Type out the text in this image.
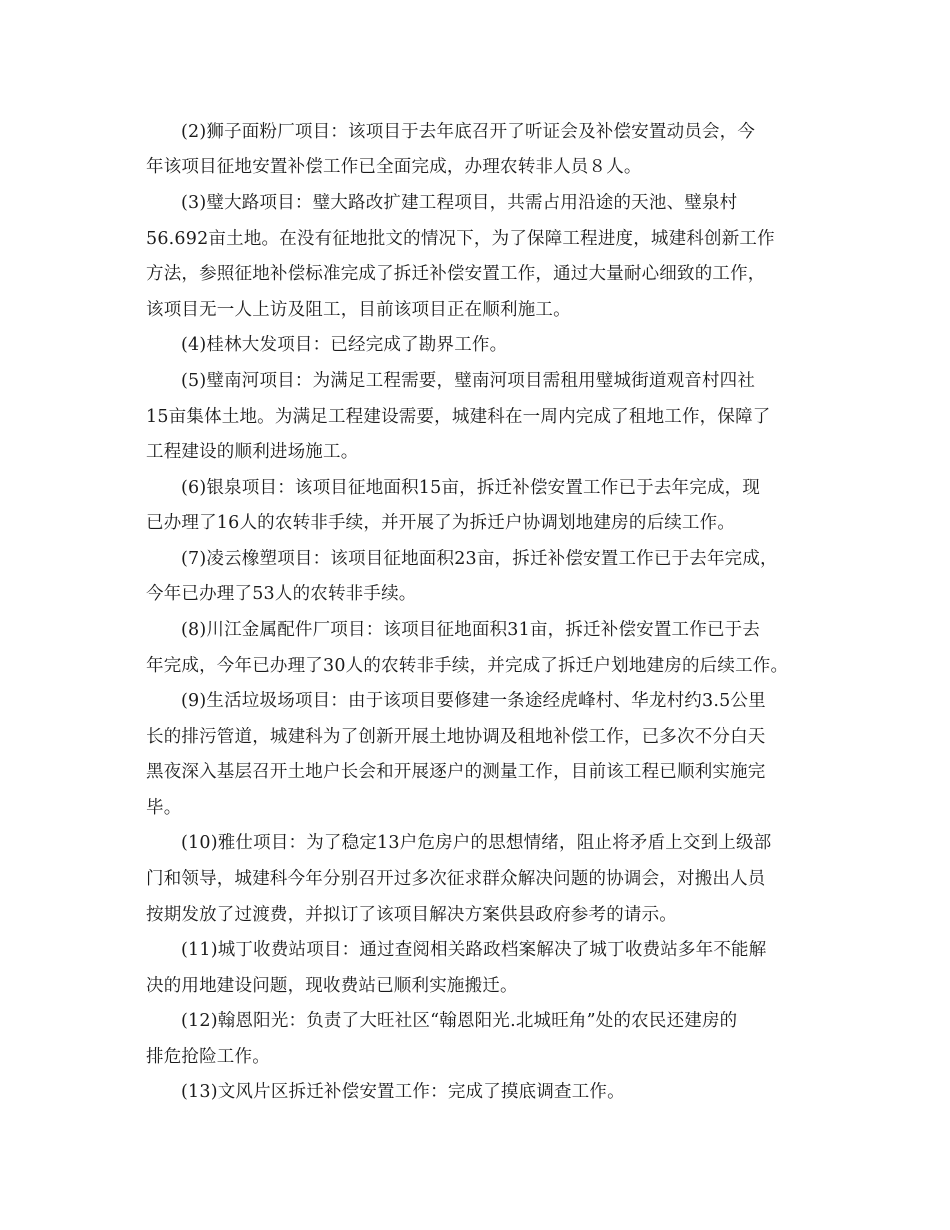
(2)狮子面粉厂项目：该项目于去年底召开了听证会及补偿安置动员会，今
年该项目征地安置补偿工作已全面完成，办理农转非人员８人。
(3)璧大路项目：璧大路改扩建工程项目，共需占用沿途的天池、璧泉村
56.692亩土地。在没有征地批文的情况下，为了保障工程进度，城建科创新工作
方法，参照征地补偿标准完成了拆迁补偿安置工作，通过大量耐心细致的工作，
该项目无一人上访及阻工，目前该项目正在顺利施工。
(4)桂林大发项目：已经完成了勘界工作。
(5)璧南河项目：为满足工程需要，璧南河项目需租用璧城街道观音村四社
15亩集体土地。为满足工程建设需要，城建科在一周内完成了租地工作，保障了
工程建设的顺利进场施工。
(6)银泉项目：该项目征地面积15亩，拆迁补偿安置工作已于去年完成，现
已办理了16人的农转非手续，并开展了为拆迁户协调划地建房的后续工作。
(7)凌云橡塑项目：该项目征地面积23亩，拆迁补偿安置工作已于去年完成，
今年已办理了53人的农转非手续。
(8)川江金属配件厂项目：该项目征地面积31亩，拆迁补偿安置工作已于去
年完成，今年已办理了30人的农转非手续，并完成了拆迁户划地建房的后续工作。
(9)生活垃圾场项目：由于该项目要修建一条途经虎峰村、华龙村约3.5公里
长的排污管道，城建科为了创新开展土地协调及租地补偿工作，已多次不分白天
黑夜深入基层召开土地户长会和开展逐户的测量工作，目前该工程已顺利实施完
毕。
(10)雅仕项目：为了稳定13户危房户的思想情绪，阻止将矛盾上交到上级部
门和领导，城建科今年分别召开过多次征求群众解决问题的协调会，对搬出人员
按期发放了过渡费，并拟订了该项目解决方案供县政府参考的请示。
(11)城丁收费站项目：通过查阅相关路政档案解决了城丁收费站多年不能解
决的用地建设问题，现收费站已顺利实施搬迁。
(12)翰恩阳光：负责了大旺社区“翰恩阳光.北城旺角”处的农民还建房的
排危抢险工作。
(13)文风片区拆迁补偿安置工作：完成了摸底调查工作。
